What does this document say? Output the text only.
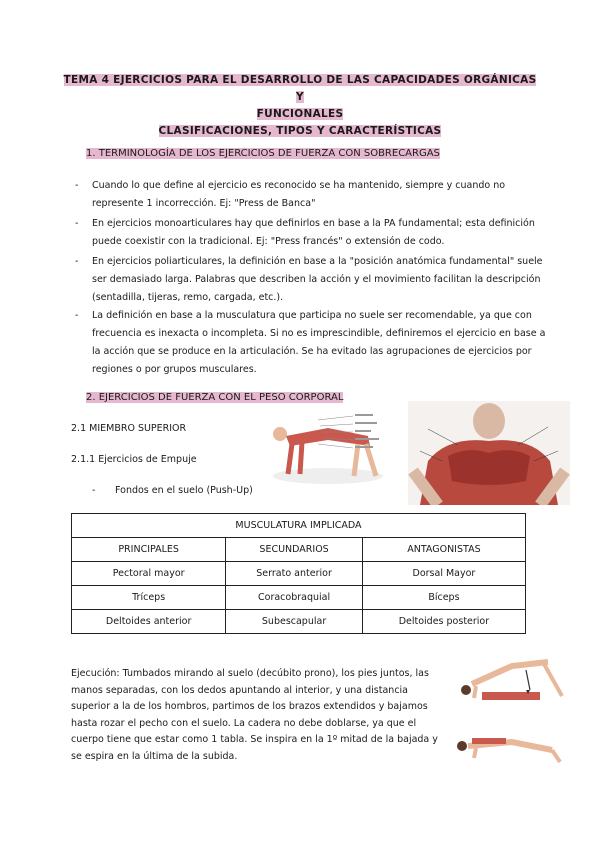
TEMA 4 EJERCICIOS PARA EL DESARROLLO DE LAS CAPACIDADES ORGÁNICAS Y
FUNCIONALES
CLASIFICACIONES, TIPOS Y CARACTERÍSTICAS
1. TERMINOLOGÍA DE LOS EJERCICIOS DE FUERZA CON SOBRECARGAS
- Cuando lo que define al ejercicio es reconocido se ha mantenido, siempre y cuando no represente 1 incorrección. Ej: "Press de Banca"
- En ejercicios monoarticulares hay que definirlos en base a la PA fundamental; esta definición puede coexistir con la tradicional. Ej: "Press francés" o extensión de codo.
- En ejercicios poliarticulares, la definición en base a la "posición anatómica fundamental" suele ser demasiado larga. Palabras que describen la acción y el movimiento facilitan la descripción (sentadilla, tijeras, remo, cargada, etc.).
- La definición en base a la musculatura que participa no suele ser recomendable, ya que con frecuencia es inexacta o incompleta. Si no es imprescindible, definiremos el ejercicio en base a la acción que se produce en la articulación. Se ha evitado las agrupaciones de ejercicios por regiones o por grupos musculares.
2. EJERCICIOS DE FUERZA CON EL PESO CORPORAL
2.1 MIEMBRO SUPERIOR
2.1.1 Ejercicios de Empuje
- Fondos en el suelo (Push-Up)
MUSCULATURA IMPLICADA		
PRINCIPALES	SECUNDARIOS	ANTAGONISTAS
Pectoral mayor	Serrato anterior	Dorsal Mayor
Tríceps	Coracobraquial	Bíceps
Deltoides anterior	Subescapular	Deltoides posterior
Ejecución: Tumbados mirando al suelo (decúbito prono), los pies juntos, las manos separadas, con los dedos apuntando al interior, y una distancia superior a la de los hombros, partimos de los brazos extendidos y bajamos hasta rozar el pecho con el suelo. La cadera no debe doblarse, ya que el cuerpo tiene que estar como 1 tabla. Se inspira en la 1º mitad de la bajada y se espira en la última de la subida.
